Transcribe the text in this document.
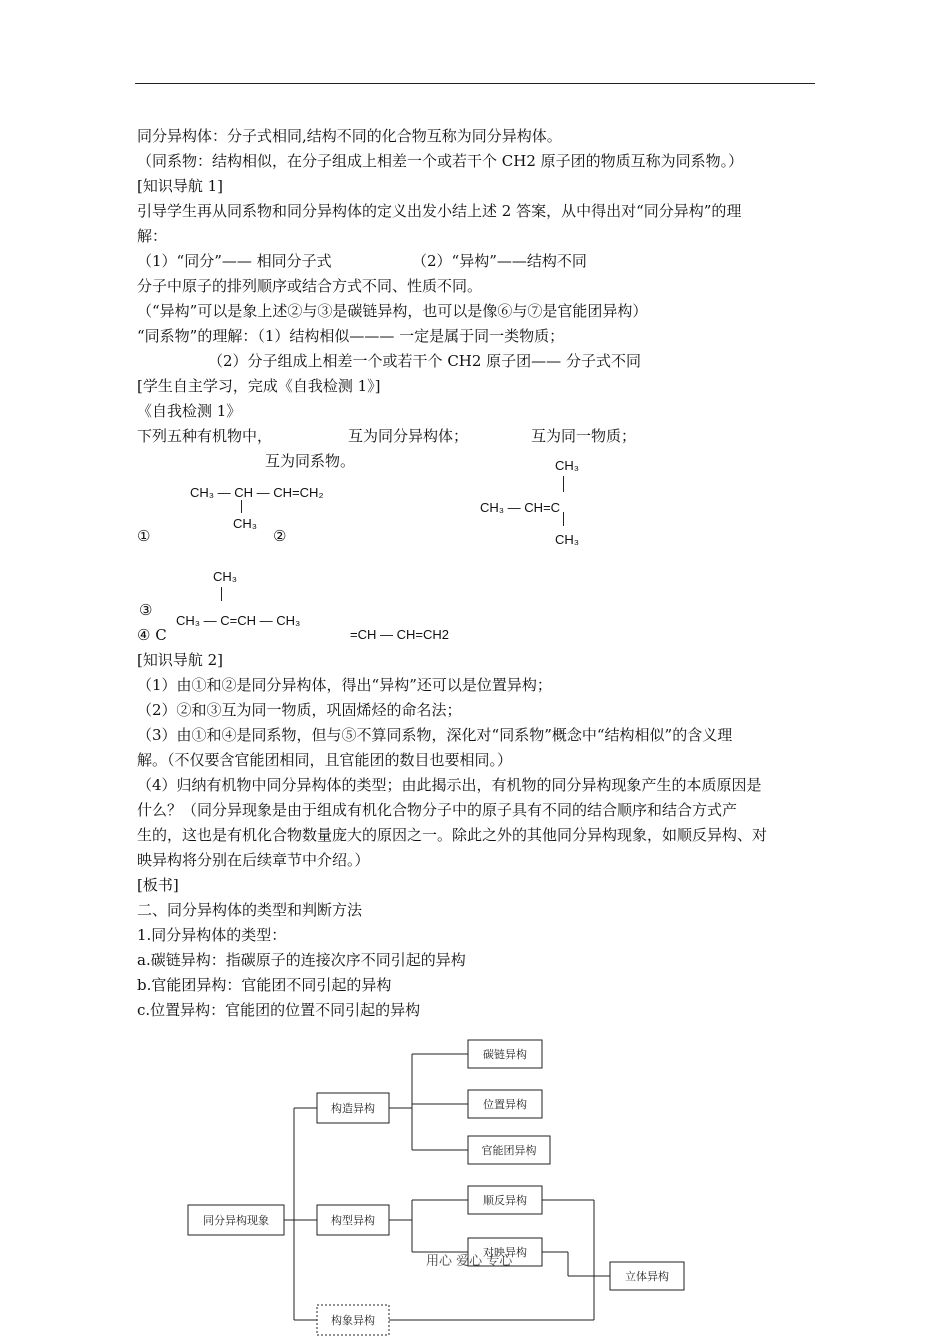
同分异构体：分子式相同,结构不同的化合物互称为同分异构体。
（同系物：结构相似，在分子组成上相差一个或若干个 CH2 原子团的物质互称为同系物。）
[知识导航 1]
引导学生再从同系物和同分异构体的定义出发小结上述 2 答案，从中得出对“同分异构”的理
解：
（1）“同分”—— 相同分子式	（2）“异构”——结构不同
分子中原子的排列顺序或结合方式不同、性质不同。
（“异构”可以是象上述②与③是碳链异构，也可以是像⑥与⑦是官能团异构）
“同系物”的理解：（1）结构相似——— 一定是属于同一类物质；
（2）分子组成上相差一个或若干个 CH2 原子团—— 分子式不同
[学生自主学习，完成《自我检测 1》]
《自我检测 1》
下列五种有机物中，	互为同分异构体；	互为同一物质；
互为同系物。
CH₃ — CH — CH=CH₂
CH₃
①	②
CH₃
CH₃ — CH=C
CH₃
CH₃
③
CH₃ — C=CH — CH₃
④ C	=CH — CH=CH2
[知识导航 2]
（1）由①和②是同分异构体，得出“异构”还可以是位置异构；
（2）②和③互为同一物质，巩固烯烃的命名法；
（3）由①和④是同系物，但与⑤不算同系物，深化对“同系物”概念中“结构相似”的含义理
解。（不仅要含官能团相同，且官能团的数目也要相同。）
（4）归纳有机物中同分异构体的类型；由此揭示出，有机物的同分异构现象产生的本质原因是
什么？（同分异现象是由于组成有机化合物分子中的原子具有不同的结合顺序和结合方式产
生的，这也是有机化合物数量庞大的原因之一。除此之外的其他同分异构现象，如顺反异构、对
映异构将分别在后续章节中介绍。）
[板书]
二、同分异构体的类型和判断方法
1.同分异构体的类型：
a.碳链异构：指碳原子的连接次序不同引起的异构
b.官能团异构：官能团不同引起的异构
c.位置异构：官能团的位置不同引起的异构
同分异构现象
构造异构
构型异构
构象异构
碳链异构
位置异构
官能团异构
顺反异构
对映异构
立体异构
用心 爱心 专心
